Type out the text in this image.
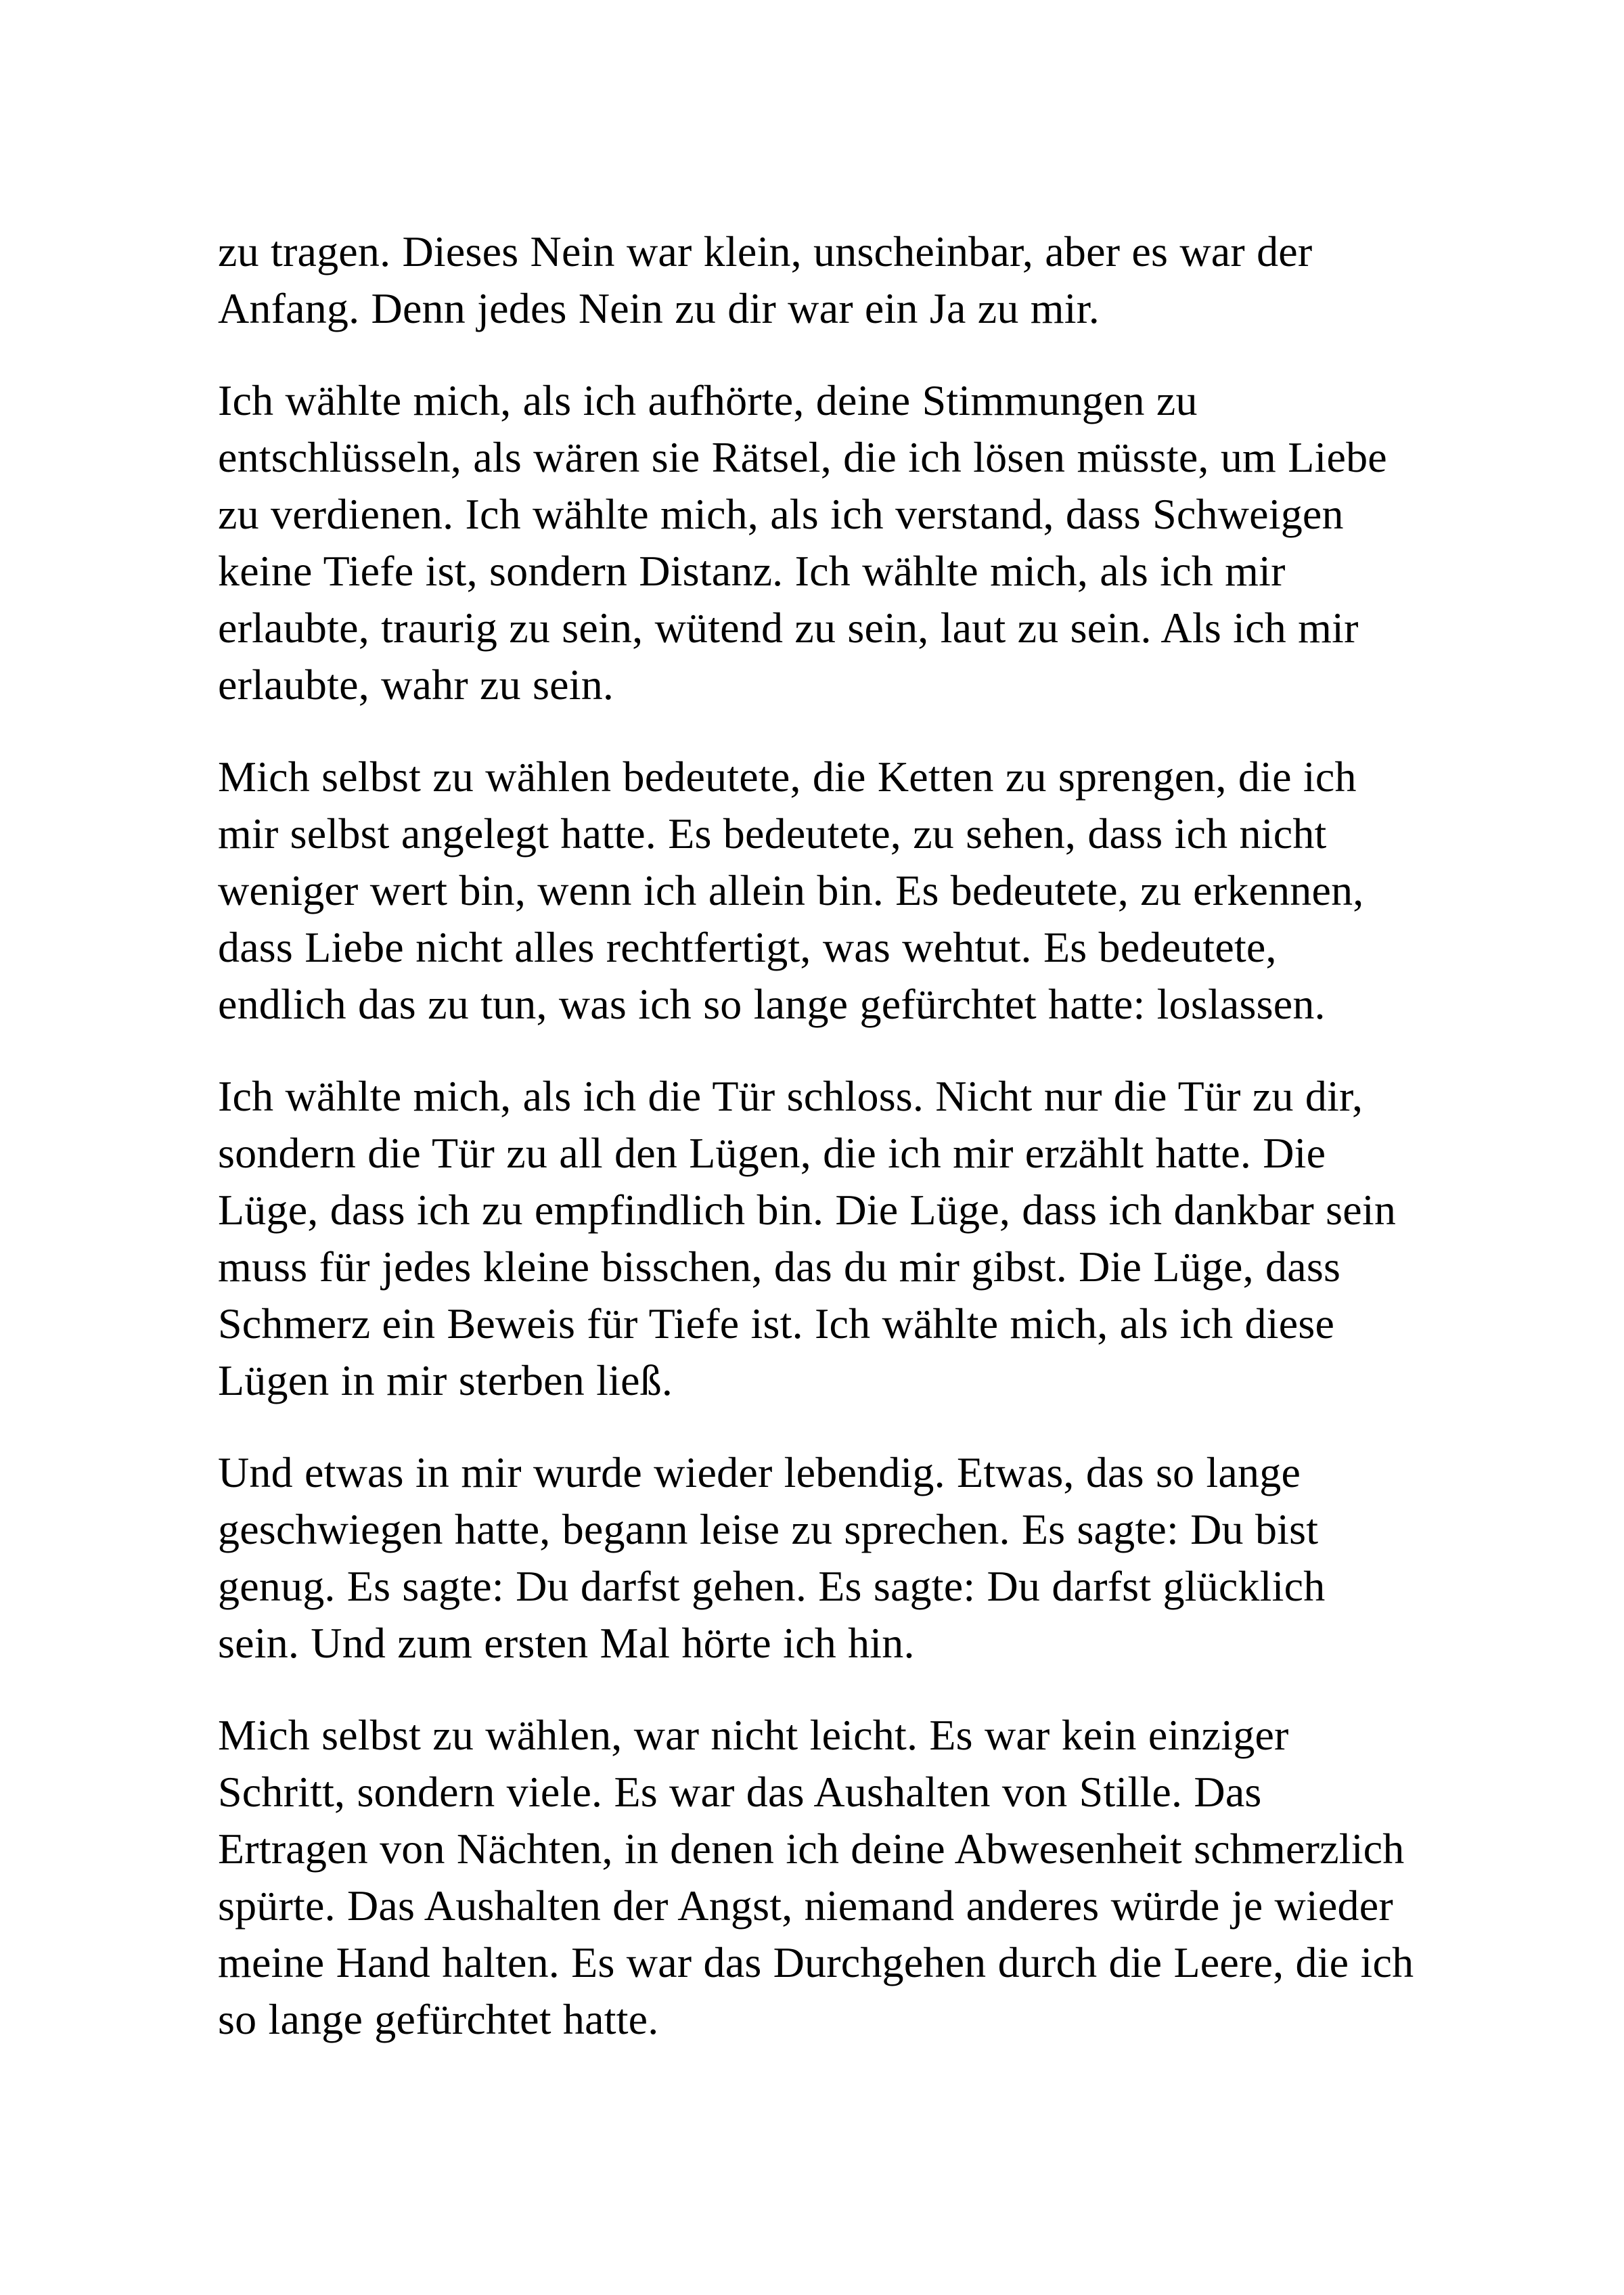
zu tragen. Dieses Nein war klein, unscheinbar, aber es war der Anfang. Denn jedes Nein zu dir war ein Ja zu mir.

Ich wählte mich, als ich aufhörte, deine Stimmungen zu entschlüsseln, als wären sie Rätsel, die ich lösen müsste, um Liebe zu verdienen. Ich wählte mich, als ich verstand, dass Schweigen keine Tiefe ist, sondern Distanz. Ich wählte mich, als ich mir erlaubte, traurig zu sein, wütend zu sein, laut zu sein. Als ich mir erlaubte, wahr zu sein.

Mich selbst zu wählen bedeutete, die Ketten zu sprengen, die ich mir selbst angelegt hatte. Es bedeutete, zu sehen, dass ich nicht weniger wert bin, wenn ich allein bin. Es bedeutete, zu erkennen, dass Liebe nicht alles rechtfertigt, was wehtut. Es bedeutete, endlich das zu tun, was ich so lange gefürchtet hatte: loslassen.

Ich wählte mich, als ich die Tür schloss. Nicht nur die Tür zu dir, sondern die Tür zu all den Lügen, die ich mir erzählt hatte. Die Lüge, dass ich zu empfindlich bin. Die Lüge, dass ich dankbar sein muss für jedes kleine bisschen, das du mir gibst. Die Lüge, dass Schmerz ein Beweis für Tiefe ist. Ich wählte mich, als ich diese Lügen in mir sterben ließ.

Und etwas in mir wurde wieder lebendig. Etwas, das so lange geschwiegen hatte, begann leise zu sprechen. Es sagte: Du bist genug. Es sagte: Du darfst gehen. Es sagte: Du darfst glücklich sein. Und zum ersten Mal hörte ich hin.

Mich selbst zu wählen, war nicht leicht. Es war kein einziger Schritt, sondern viele. Es war das Aushalten von Stille. Das Ertragen von Nächten, in denen ich deine Abwesenheit schmerzlich spürte. Das Aushalten der Angst, niemand anderes würde je wieder meine Hand halten. Es war das Durchgehen durch die Leere, die ich so lange gefürchtet hatte.
